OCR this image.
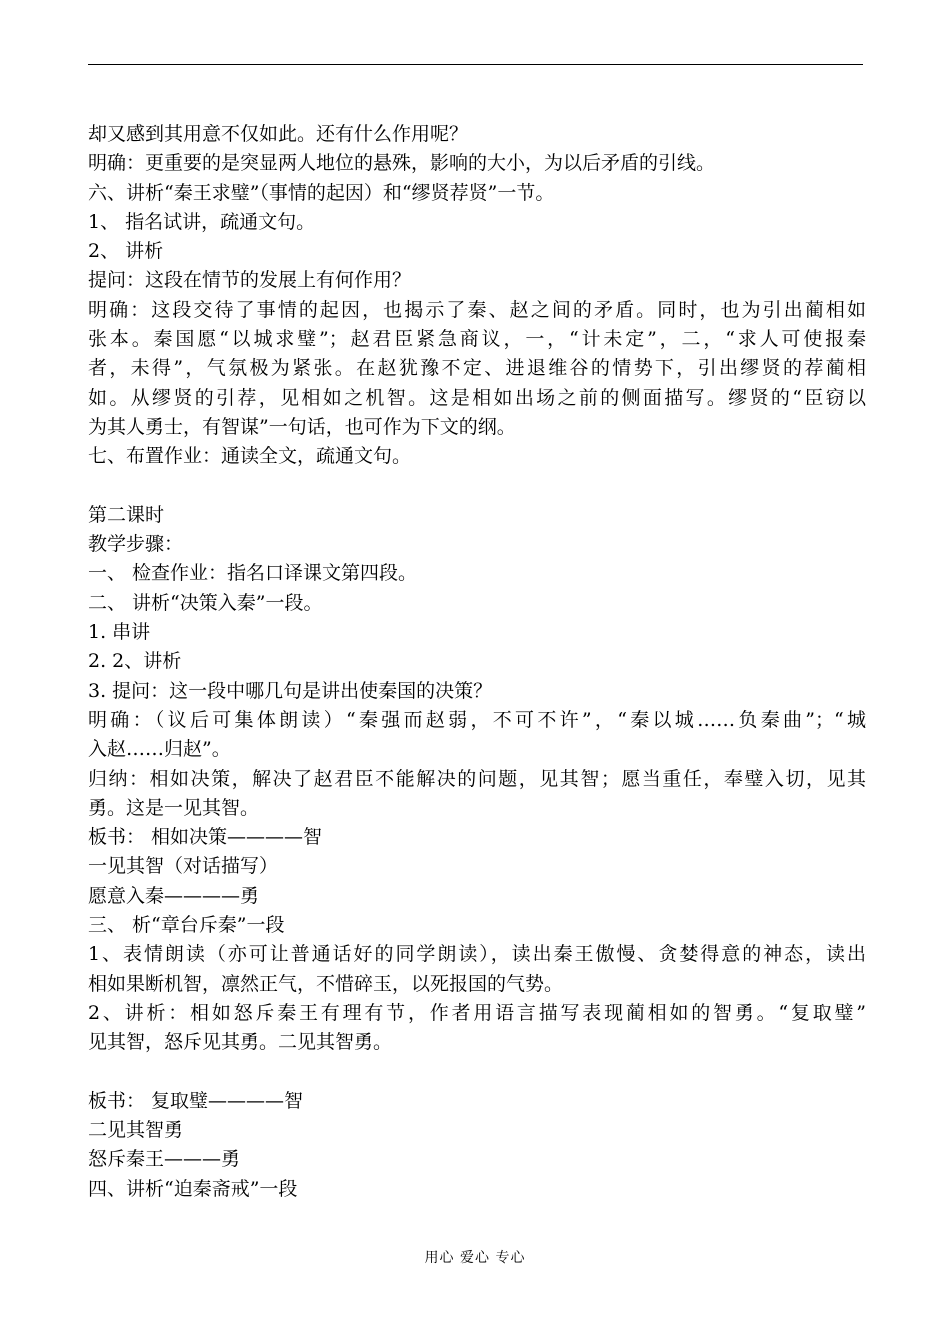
却又感到其用意不仅如此。还有什么作用呢？
明确：更重要的是突显两人地位的悬殊，影响的大小，为以后矛盾的引线。
六、讲析“秦王求璧”（事情的起因）和“缪贤荐贤”一节。
1、 指名试讲，疏通文句。
2、 讲析
提问：这段在情节的发展上有何作用？
明确：这段交待了事情的起因，也揭示了秦、赵之间的矛盾。同时，也为引出蔺相如
张本。秦国愿“以城求璧”；赵君臣紧急商议，一，“计未定”，二，“求人可使报秦
者，未得”，气氛极为紧张。在赵犹豫不定、进退维谷的情势下，引出缪贤的荐蔺相
如。从缪贤的引荐，见相如之机智。这是相如出场之前的侧面描写。缪贤的“臣窃以
为其人勇士，有智谋”一句话，也可作为下文的纲。
七、布置作业：通读全文，疏通文句。
第二课时
教学步骤：
一、 检查作业：指名口译课文第四段。
二、 讲析“决策入秦”一段。
1. 串讲
2. 2、讲析
3. 提问：这一段中哪几句是讲出使秦国的决策？
明确：（议后可集体朗读）“秦强而赵弱，不可不许”，“秦以城……负秦曲”；“城
入赵……归赵”。
归纳：相如决策，解决了赵君臣不能解决的问题，见其智；愿当重任，奉璧入切，见其
勇。这是一见其智。
板书： 相如决策————智
一见其智（对话描写）
愿意入秦————勇
三、 析“章台斥秦”一段
1、表情朗读（亦可让普通话好的同学朗读），读出秦王傲慢、贪婪得意的神态，读出
相如果断机智，凛然正气，不惜碎玉，以死报国的气势。
2、讲析：相如怒斥秦王有理有节，作者用语言描写表现蔺相如的智勇。“复取璧”
见其智，怒斥见其勇。二见其智勇。
板书： 复取璧————智
二见其智勇
怒斥秦王———勇
四、讲析“迫秦斋戒”一段
用心 爱心 专心
